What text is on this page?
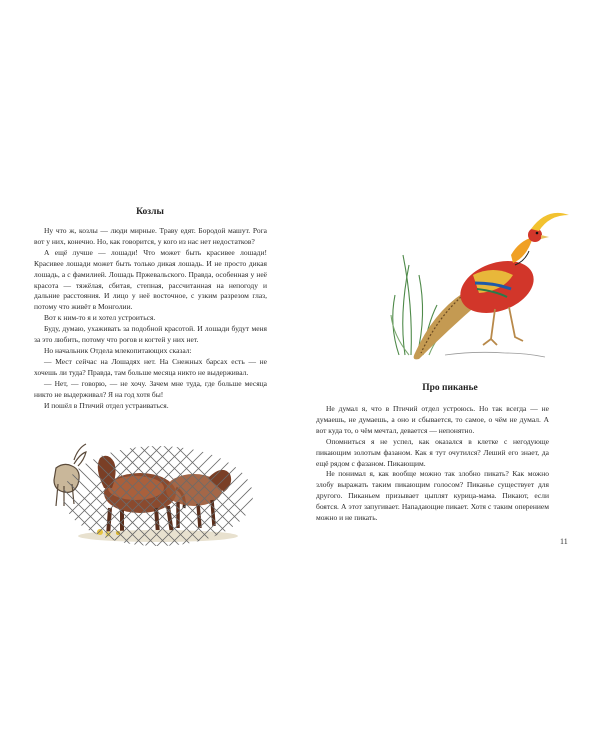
Козлы

Ну что ж, козлы — люди мирные. Траву едят. Бородой машут. Рога вот у них, конечно. Но, как говорится, у кого из нас нет недостатков?

А ещё лучше — лошади! Что может быть красивее лошади! Красивее лошади может быть только дикая лошадь. И не просто дикая лошадь, а с фамилией. Лошадь Пржевальского. Правда, особенная у неё красота — тяжёлая, сбитая, степная, рассчитанная на непогоду и дальние расстояния. И лицо у неё восточное, с узким разрезом глаз, потому что живёт в Монголии.

Вот к ним-то я и хотел устроиться.

Буду, думаю, ухаживать за подобной красотой. И лошади будут меня за это любить, потому что рогов и когтей у них нет.

Но начальник Отдела млекопитающих сказал:

— Мест сейчас на Лошадях нет. На Снежных барсах есть — не хочешь ли туда? Правда, там больше месяца никто не выдерживал.

— Нет, — говорю, — не хочу. Зачем мне туда, где больше месяца никто не выдерживал? Я на год хотя бы!

И пошёл в Птичий отдел устраиваться.

Про пиканье

Не думал я, что в Птичий отдел устроюсь. Но так всегда — не думаешь, не думаешь, а оно и сбывается, то самое, о чём не думал. А вот куда то, о чём мечтал, девается — непонятно.

Опомниться я не успел, как оказался в клетке с негодующе пикающим золотым фазаном. Как я тут очутился? Леший его знает, да ещё рядом с фазаном. Пикающим.

Не понимал я, как вообще можно так злобно пикать? Как можно злобу выражать таким пикающим голосом? Пиканье существует для другого. Пиканьем призывает цыплят курица-мама. Пикают, если боятся. А этот запугивает. Нападающие пикает. Хотя с таким оперением можно и не пикать.

11
